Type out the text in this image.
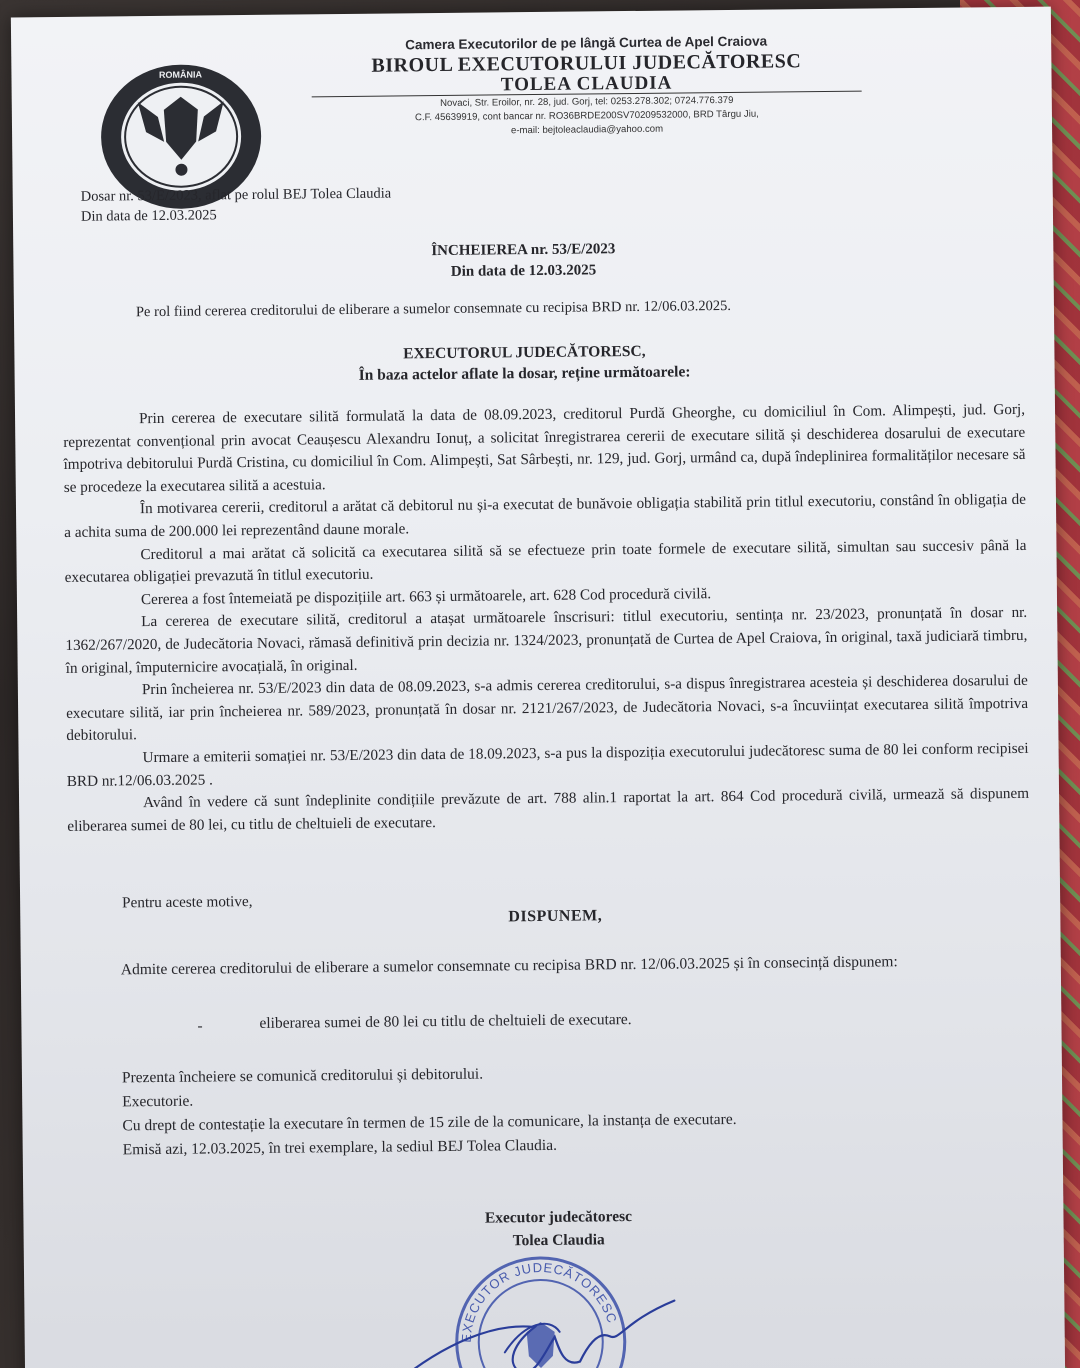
ROMÂNIA
Camera Executorilor de pe lângă Curtea de Apel Craiova
BIROUL EXECUTORULUI JUDECĂTORESC
TOLEA CLAUDIA
Novaci, Str. Eroilor, nr. 28, jud. Gorj, tel: 0253.278.302; 0724.776.379
C.F. 45639919, cont bancar nr. RO36BRDE200SV70209532000, BRD Târgu Jiu,
e-mail: bejtoleaclaudia@yahoo.com
Dosar nr. 53/E/2023, aflat pe rolul BEJ Tolea Claudia
Din data de 12.03.2025
ÎNCHEIEREA nr. 53/E/2023
Din data de 12.03.2025
Pe rol fiind cererea creditorului de eliberare a sumelor consemnate cu recipisa BRD nr. 12/06.03.2025.
EXECUTORUL JUDECĂTORESC,
În baza actelor aflate la dosar, reține următoarele:

Prin cererea de executare silită formulată la data de 08.09.2023, creditorul Purdă Gheorghe, cu domiciliul în Com. Alimpești, jud. Gorj, reprezentat convențional prin avocat Ceaușescu Alexandru Ionuț, a solicitat înregistrarea cererii de executare silită și deschiderea dosarului de executare împotriva debitorului Purdă Cristina, cu domiciliul în Com. Alimpești, Sat Sârbești, nr. 129, jud. Gorj, urmând ca, după îndeplinirea formalităților necesare să se procedeze la executarea silită a acestuia.

În motivarea cererii, creditorul a arătat că debitorul nu și-a executat de bunăvoie obligația stabilită prin titlul executoriu, constând în obligația de a achita suma de 200.000 lei reprezentând daune morale.

Creditorul a mai arătat că solicită ca executarea silită să se efectueze prin toate formele de executare silită, simultan sau succesiv până la executarea obligației prevazută în titlul executoriu.

Cererea a fost întemeiată pe dispozițiile art. 663 și următoarele, art. 628 Cod procedură civilă.

La cererea de executare silită, creditorul a atașat următoarele înscrisuri: titlul executoriu, sentința nr. 23/2023, pronunțată în dosar nr. 1362/267/2020, de Judecătoria Novaci, rămasă definitivă prin decizia nr. 1324/2023, pronunțată de Curtea de Apel Craiova, în original, taxă judiciară timbru, în original, împuternicire avocațială, în original.

Prin încheierea nr. 53/E/2023 din data de 08.09.2023, s-a admis cererea creditorului, s-a dispus înregistrarea acesteia și deschiderea dosarului de executare silită, iar prin încheierea nr. 589/2023, pronunțată în dosar nr. 2121/267/2023, de Judecătoria Novaci, s-a încuviințat executarea silită împotriva debitorului.

Urmare a emiterii somației nr. 53/E/2023 din data de 18.09.2023, s-a pus la dispoziția executorului judecătoresc suma de 80 lei conform recipisei BRD nr.12/06.03.2025 .

Având în vedere că sunt îndeplinite condițiile prevăzute de art. 788 alin.1 raportat la art. 864 Cod procedură civilă, urmează să dispunem eliberarea sumei de 80 lei, cu titlu de cheltuieli de executare.

Pentru aceste motive,
DISPUNEM,
Admite cererea creditorului de eliberare a sumelor consemnate cu recipisa BRD nr. 12/06.03.2025 și în consecință dispunem:
-	eliberarea sumei de 80 lei cu titlu de cheltuieli de executare.
Prezenta încheiere se comunică creditorului și debitorului.
Executorie.
Cu drept de contestație la executare în termen de 15 zile de la comunicare, la instanța de executare.
Emisă azi, 12.03.2025, în trei exemplare, la sediul BEJ Tolea Claudia.
Executor judecătoresc
Tolea Claudia
EXECUTOR JUDECĂTORESC
